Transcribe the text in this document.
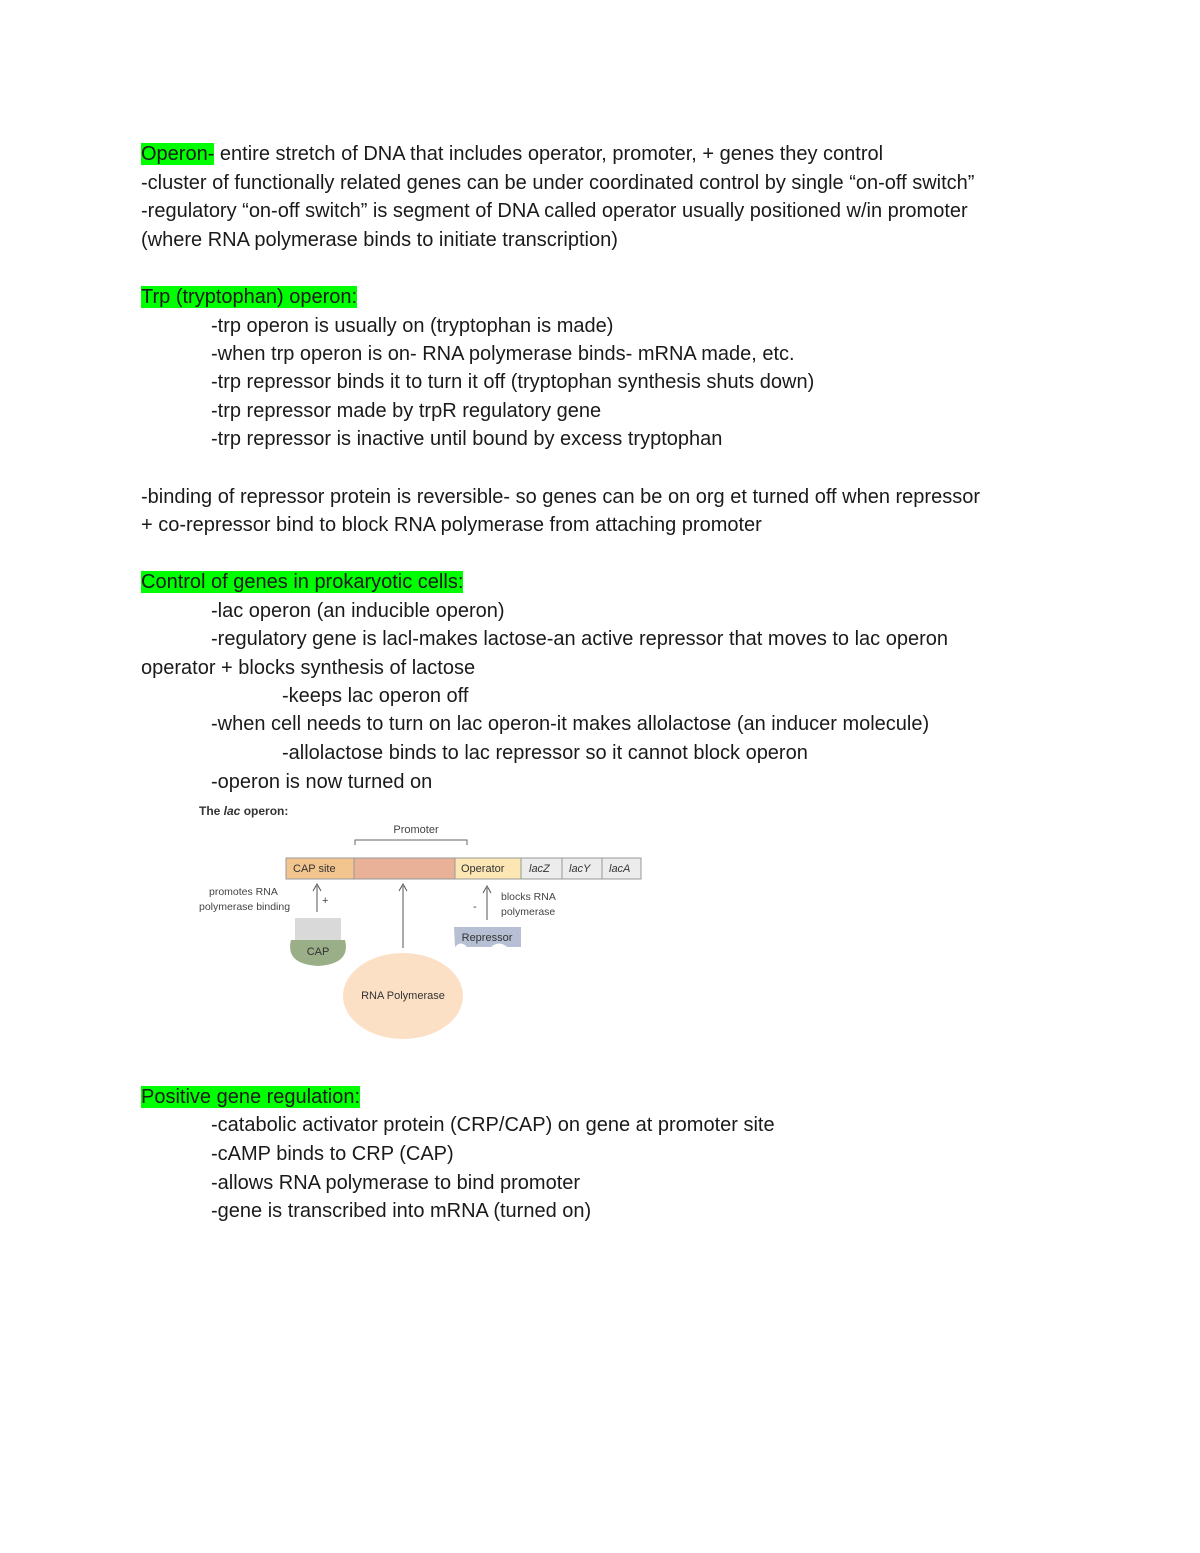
Operon- entire stretch of DNA that includes operator, promoter, + genes they control
-cluster of functionally related genes can be under coordinated control by single “on-off switch”
-regulatory “on-off switch” is segment of DNA called operator usually positioned w/in promoter
(where RNA polymerase binds to initiate transcription)
Trp (tryptophan) operon:
-trp operon is usually on (tryptophan is made)
-when trp operon is on- RNA polymerase binds- mRNA made, etc.
-trp repressor binds it to turn it off (tryptophan synthesis shuts down)
-trp repressor made by trpR regulatory gene
-trp repressor is inactive until bound by excess tryptophan
-binding of repressor protein is reversible- so genes can be on org et turned off when repressor
+ co-repressor bind to block RNA polymerase from attaching promoter
Control of genes in prokaryotic cells:
-lac operon (an inducible operon)
-regulatory gene is lacl-makes lactose-an active repressor that moves to lac operon
operator + blocks synthesis of lactose
-keeps lac operon off
-when cell needs to turn on lac operon-it makes allolactose (an inducer molecule)
-allolactose binds to lac repressor so it cannot block operon
-operon is now turned on
The lac operon:
Promoter
CAP site	Operator lacZ lacY lacA
promotes RNA
polymerase binding	+
CAP
RNA Polymerase
-
blocks RNA
polymerase
Repressor
Positive gene regulation:
-catabolic activator protein (CRP/CAP) on gene at promoter site
-cAMP binds to CRP (CAP)
-allows RNA polymerase to bind promoter
-gene is transcribed into mRNA (turned on)
